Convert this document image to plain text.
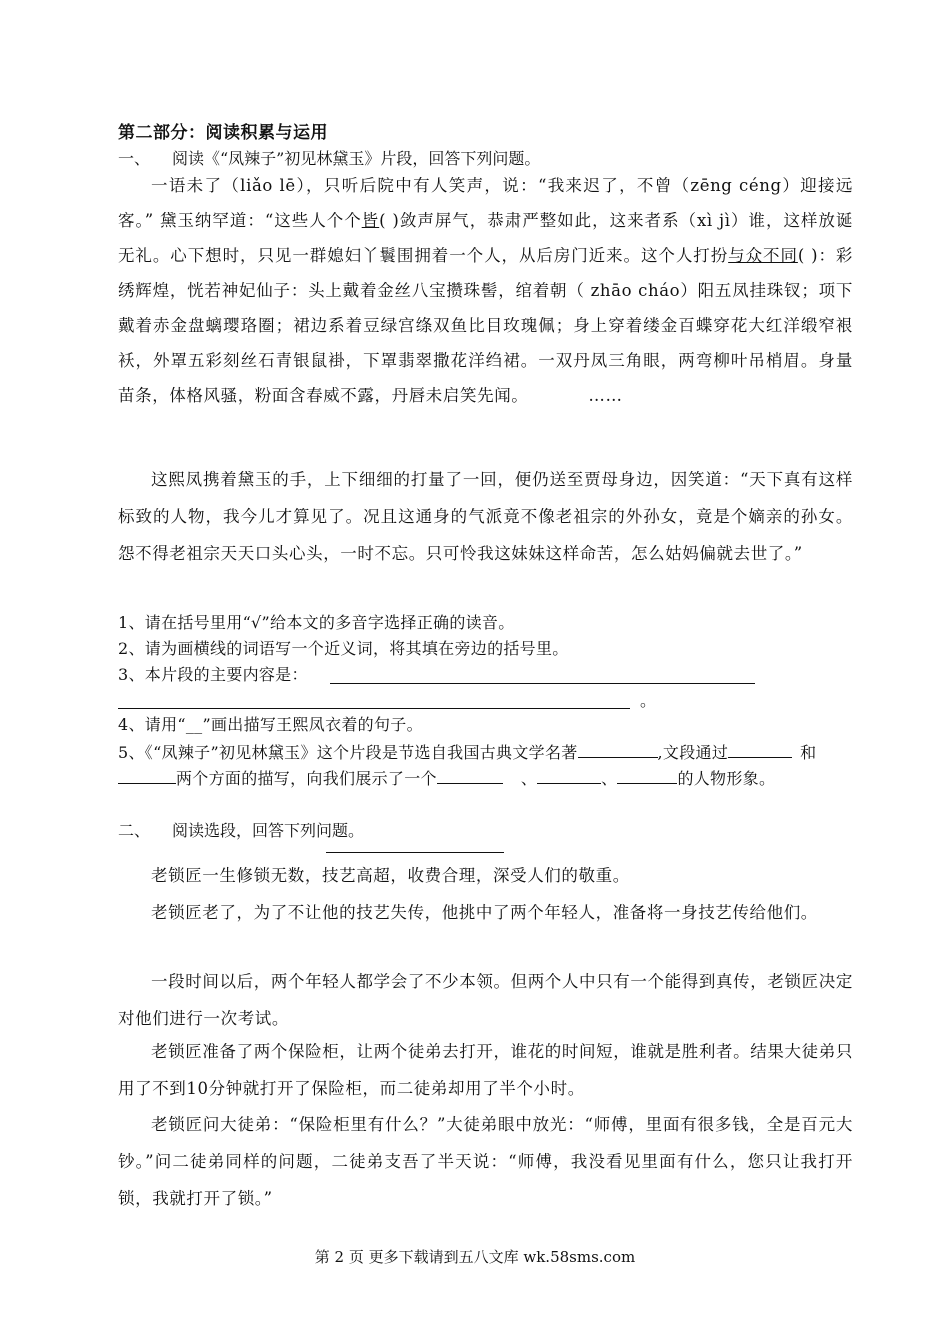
第二部分：阅读积累与运用
一、 阅读《“凤辣子”初见林黛玉》片段，回答下列问题。
一语未了（liǎo lē），只听后院中有人笑声，说：“我来迟了，不曾（zēng céng）迎接远客。” 黛玉纳罕道：“这些人个个皆( )敛声屏气，恭肃严整如此，这来者系（xì jì）谁，这样放诞无礼。心下想时，只见一群媳妇丫鬟围拥着一个人，从后房门近来。这个人打扮与众不同( )：彩绣辉煌，恍若神妃仙子：头上戴着金丝八宝攒珠髻，绾着朝（ zhāo cháo）阳五凤挂珠钗；项下戴着赤金盘螭璎珞圈；裙边系着豆绿宫绦双鱼比目玫瑰佩；身上穿着缕金百蝶穿花大红洋缎窄裉袄，外罩五彩刻丝石青银鼠褂，下罩翡翠撒花洋绉裙。一双丹凤三角眼，两弯柳叶吊梢眉。身量苗条，体格风骚，粉面含春威不露，丹唇未启笑先闻。	……
这熙凤携着黛玉的手，上下细细的打量了一回，便仍送至贾母身边，因笑道：“天下真有这样标致的人物，我今儿才算见了。况且这通身的气派竟不像老祖宗的外孙女，竟是个嫡亲的孙女。怨不得老祖宗天天口头心头，一时不忘。只可怜我这妹妹这样命苦，怎么姑妈偏就去世了。”
1、请在括号里用“√”给本文的多音字选择正确的读音。
2、请为画横线的词语写一个近义词，将其填在旁边的括号里。
3、本片段的主要内容是：
。
4、请用“__”画出描写王熙凤衣着的句子。
5、《“凤辣子”初见林黛玉》这个片段是节选自我国古典文学名著	,文段通过	和两个方面的描写，向我们展示了一个	、	、	的人物形象。
二、 阅读选段，回答下列问题。
老锁匠一生修锁无数，技艺高超，收费合理，深受人们的敬重。
老锁匠老了，为了不让他的技艺失传，他挑中了两个年轻人，准备将一身技艺传给他们。
一段时间以后，两个年轻人都学会了不少本领。但两个人中只有一个能得到真传，老锁匠决定对他们进行一次考试。
老锁匠准备了两个保险柜，让两个徒弟去打开，谁花的时间短，谁就是胜利者。结果大徒弟只用了不到10分钟就打开了保险柜，而二徒弟却用了半个小时。
老锁匠问大徒弟：“保险柜里有什么？”大徒弟眼中放光：“师傅，里面有很多钱，全是百元大钞。”问二徒弟同样的问题，二徒弟支吾了半天说：“师傅，我没看见里面有什么，您只让我打开锁，我就打开了锁。”
第 2 页 更多下载请到五八文库 wk.58sms.com
